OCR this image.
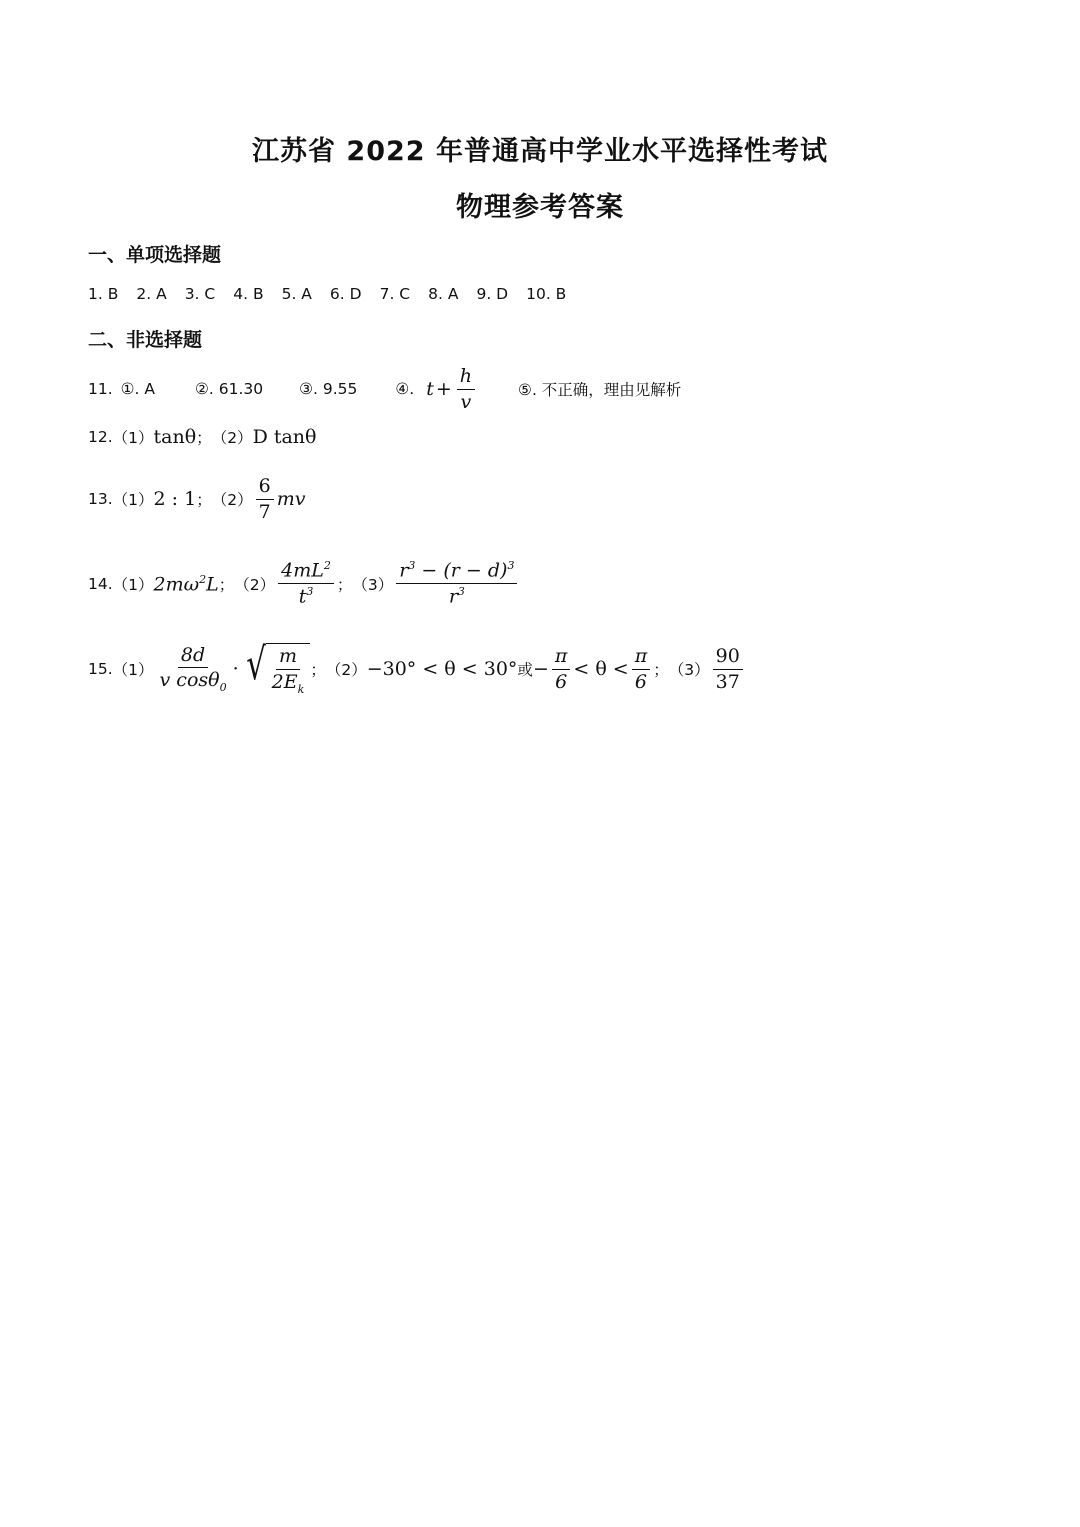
江苏省 2022 年普通高中学业水平选择性考试
物理参考答案
一、单项选择题
1. B 2. A 3. C 4. B 5. A 6. D 7. C 8. A 9. D 10. B
二、非选择题
11. ①. A	②. 61.30 ③. 9.55 ④. $t + \frac{h}{v}$	⑤. 不正确，理由见解析
12. （1） tanθ ； （2） D tanθ
13. （1） 2 : 1 ； $(2) \frac{6}{7}$ mv
14. （1） $2m\omega^2L$ ； $(2) \frac{4mL^2}{t^3}$ ； $(3) \frac{r^3 - (r - d)^3}{r^3}$
15. $(1) \frac{8d}{v \cos\theta_0}$ · √ $\frac{m}{2E_k}$ ； （2） −30° < θ < 30° 或 − $\frac{\pi}{6} < \theta < \frac{\pi}{6}$ ； $(3) \frac{90}{37}$
